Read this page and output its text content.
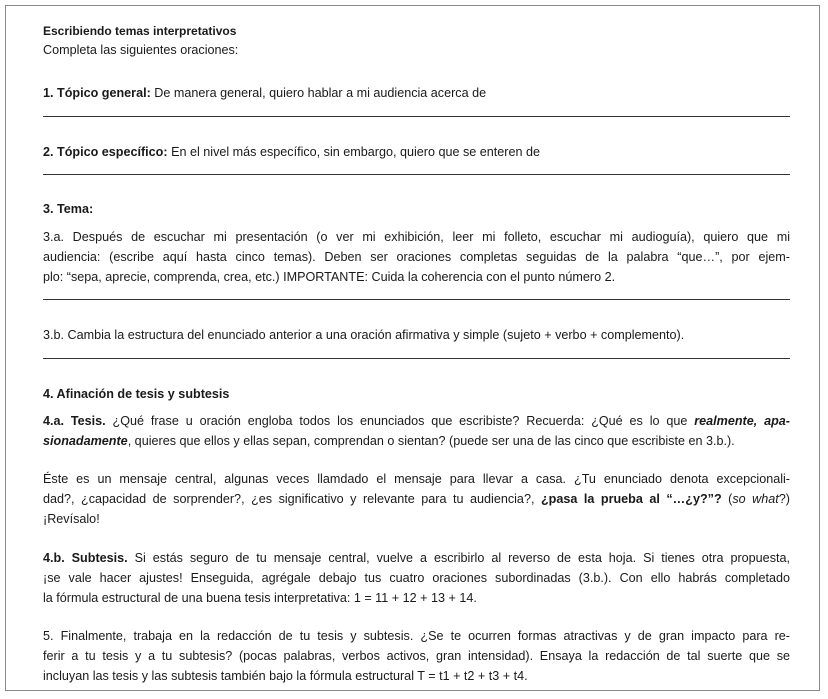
Escribiendo temas interpretativos
Completa las siguientes oraciones:
1. Tópico general: De manera general, quiero hablar a mi audiencia acerca de
2. Tópico específico: En el nivel más específico, sin embargo, quiero que se enteren de
3. Tema:
3.a. Después de escuchar mi presentación (o ver mi exhibición, leer mi folleto, escuchar mi audioguía), quiero que mi
audiencia: (escribe aquí hasta cinco temas). Deben ser oraciones completas seguidas de la palabra “que…”, por ejem-
plo: “sepa, aprecie, comprenda, crea, etc.) IMPORTANTE: Cuida la coherencia con el punto número 2.
3.b. Cambia la estructura del enunciado anterior a una oración afirmativa y simple (sujeto + verbo + complemento).
4. Afinación de tesis y subtesis
4.a. Tesis. ¿Qué frase u oración engloba todos los enunciados que escribiste? Recuerda: ¿Qué es lo que realmente, apa-
sionadamente, quieres que ellos y ellas sepan, comprendan o sientan? (puede ser una de las cinco que escribiste en 3.b.).
Éste es un mensaje central, algunas veces llamdado el mensaje para llevar a casa. ¿Tu enunciado denota excepcionali-
dad?, ¿capacidad de sorprender?, ¿es significativo y relevante para tu audiencia?, ¿pasa la prueba al “…¿y?”? (so what?)
¡Revísalo!
4.b. Subtesis. Si estás seguro de tu mensaje central, vuelve a escribirlo al reverso de esta hoja. Si tienes otra propuesta,
¡se vale hacer ajustes! Enseguida, agrégale debajo tus cuatro oraciones subordinadas (3.b.). Con ello habrás completado
la fórmula estructural de una buena tesis interpretativa: 1 = 11 + 12 + 13 + 14.
5. Finalmente, trabaja en la redacción de tu tesis y subtesis. ¿Se te ocurren formas atractivas y de gran impacto para re-
ferir a tu tesis y a tu subtesis? (pocas palabras, verbos activos, gran intensidad). Ensaya la redacción de tal suerte que se
incluyan las tesis y las subtesis también bajo la fórmula estructural T = t1 + t2 + t3 + t4.
